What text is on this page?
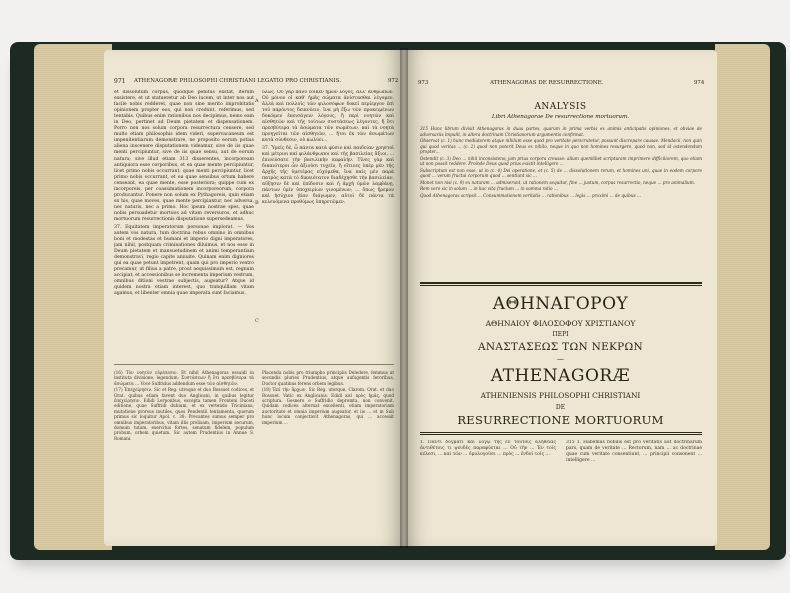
971 ATHENAGORÆ PHILOSOPHI CHRISTIANI LEGATIO PRO CHRISTIANIS.	972

et dissolutum corpus, quodque penitus exstat, iterum exsistere, et ut statueretur ab Deo lucem, ut inter nos aut facile nobis redderet, quae non sine merito improbitatis opinionem propter eos, qui non credunt, referimus, sed tentabis. Quibus enim rationibus nos decipimus, nemo eam in Deo, pertinet ad Deum pietatem et dispensationem. Porro non nos solum corpora resurrectura censere, sed multo etiam philosophis idem videri, supervacaneum est impenitentiarum demonstrare, ne proposito eorum potius aliena inscenere disputationem videamur, sive de iis quae menti percipiuntur, sive de iis quae sensu, aut de eorum natura; sive illud etiam 313 disserentes, incorpoream antiquiora esse corporibus, et ea quae mente percipiuntur, licet primo nobis occurrant, quae menti percipiuntur, licet primo nobis occurrant, et ea quae sensibus ortum habere censeant, ea quae mente, esse posteriora; quippe cum ex incorporeis, per coassimationem incorporeorum, corpora producantur. Ponere non solum ex Pythagoreis, quin etiam ex his, quae moves, quae mente percipiantur, nec adversa, nec naturis, nec a primo. Hoc ipsum nostrae spes, quae nobis persuadetur mortuos ad vitam reversuros, et adhuc mortuorum resurrectionis disputatione supersedeamus.

37. Equitatem imperatorum personae implorat. — Vos autem vos natura, tum doctrina rebus omnino in omnibus boni et modestas et humani et imperio digni imperatores, jam nihil, postquam criminationes diluimus, et nos esse in Deum pietatem et mansuetudinem et animi temperantiam demonstravi, regio capite annuite. Quinam enim digniores qui ea quae petunt impetrent, quam qui pro imperio vestro precamur, ut filius a patre, prout aequissimum est, regnum accipiat, et accessionibus se incrementa imperium vestrum, omnibus ditioni vestrae subjectis, augeatur? Atque id quidem nostra etiam interest, quo tranquillam vitam agamus, et libenter omnia quae imperata sunt faciamus.

ὅλως. Οὐ γὰρ πάνυ ἔοικεν ἡμῶν λόγος, ἀλλ' ἀνθρώπων. Οὐ μόνον οἱ καθ' ἡμᾶς σώματα ἀνίστασθαι λέγομεν, ἀλλὰ καὶ πολλοῖς τῶν φιλοσόφων δοκεῖ περίεργον ἐπὶ τοῦ παρόντος δεικνύειν, ἵνα μὴ ἔξω τῶν προκειμένων δοκῶμεν ἐπεισάγειν λόγους, ἢ περὶ νοητῶν καὶ αἰσθητῶν καὶ τῆς τούτων συστάσεως λέγοντες, ἢ ὅτι πρεσβύτερα τὰ ἀσώματα τῶν σωμάτων, καὶ τὰ νοητὰ προηγεῖται τῶν αἰσθητῶν, ... ἤτοι ἐκ τῶν ἀσωμάτων κατὰ σύνθεσιν, οὐ κωλύει...

37. Ὑμεῖς δέ, ὦ πάντα κατὰ φύσιν καὶ παιδείαν χρηστοὶ καὶ μέτριοι καὶ φιλάνθρωποι καὶ τῆς βασιλείας ἄξιοι, ... ἐπινεύσατε τὴν βασιλικὴν κεφαλήν. Τίνες γὰρ καὶ δικαιότεροι ὧν ἀξιοῦσι τυχεῖν, ἢ οἵτινες ὑπὲρ μὲν τῆς ἀρχῆς τῆς ὑμετέρας εὐχόμεθα, ἵνα παῖς μὲν παρὰ πατρὸς κατὰ τὸ δικαιότατον διαδέχησθε τὴν βασιλείαν, αὔξησιν δὲ καὶ ἐπίδοσιν καὶ ἡ ἀρχὴ ὑμῶν λαμβάνῃ, πάντων ὑμῖν ὑποχειρίων γινομένων; ... ὅπως ἤρεμον καὶ ἡσύχιον βίον διάγωμεν, αὐτοὶ δὲ πάντα τὰ κελευόμενα προθύμως ὑπηρετῶμεν.

A
B
C

(16) Τὸν νοητὸν εὐρέσεσιν. Et nihil Athenagoras essuidi in instituta divisione, legendum: Συστάσεων ἢ ὅτι πρεσβύτερα τὰ ἀσώματα ... Voce Sulfridus addendum esse τῶν αἰσθητῶν.

(17) Ἐπεχείρησιν. Sic et Reg. utroque et duo Bossuet codices, et Orat. quibus etiam favent duo Anglicani, in quibus legitur ἐπεχείρησιν. Edidi Lerponbus, excepta tamen Fronteni Duceti editione, quae Suffridi dubium, et ex vertendo Triciniana, mutatione prorsus inutiles, quos Pendentii tentamenta, quorum primus sic loquitur Apol. c. 30: Precantes sumus semper pro omnibus imperatoribus, vitam illis prolixam, imperium securum, domum tutam, exercitus fortes, senatum fidelem, populum probum, orbem quietum. Sic autem Prudentius in Annue S. Romani.

Placenda nobis pro triumpho principiis Deledere, femmus ut secundis pluries Prudentius, atque aufugentis feroribus, Ductor quatinus ferens orbem legibus.

(18) Ἐπὶ τὴν ἄρχων. Sic Reg. uterque, Clarom. Orat. et duo Bossuet. Vatic ex Anglicanis. Edidi καὶ πρὸς ἡμᾶς, quod scriptura. Gesnero e Suffridio depromta, non convenit. Quidam codices alternat excellenti, etiam imperatoriam auctoritate et omnia imperium augeatur, et iis ... et in Sub hunc locum conjectavit Athenagoras, qui ... accessit imperium ...

973	ATHENAGORAS DE RESURRECTIONE.	974
ANALYSIS
Libri Athenagorae De resurrectione mortuorum.

315 Hunc librum divisit Athenagoras in duas partes, quarum in prima verbis ex animis anticipatis opiniones, et obviae de adversariis impulit, in altera doctrinam Christianorum argumentis confirmat.

Observat (c. 1) hunc mediatorem atque nihilum esse quod pro veritate perscrutetur, possunt discrepare causae. Mendacii, non quin qui quod veritas ... (c. 2) quod non poterit Deus ex nihilo, neque in quo non homines resurgere, quod non, sed id ostendendum propter...

Ostendit (c. 3) Deo ... nihil inconsistens; jam prius corpora creasse: alium quemlibet scripturam imprimere difficiliorem, quo etiam ut non possit reddere. Proinde Deus quod prius existit intelligere ...

Subscriptum est non esse, ut in (c. 4) Dei operatione, et (c. 5) de ... dissolutionem rerum, et homines uni, quae in eodem corpore quod ... verum fructui corporum quod ... sentiunt sic ...

Monet non nisi (c. 9) ex naturam ... admiserunt, ut rationem sequitur, fine ... justum, corpus resurrectio, neque ... pro animalium.

Rem vero sic in solum ... in hac vita fructum ... in summa ratio ...

Quod Athenagoras scripsit ... Consummationem veritatis ... rationibus ... legis ... proximi ... de quibus ...

ΑΘΗΝΑΓΟΡΟΥ
ΑΘΗΝΑΙΟΥ ΦΙΛΟΣΟΦΟΥ ΧΡΙΣΤΙΑΝΟΥ
ΠΕΡΙ
ΑΝΑΣΤΑΣΕΩΣ ΤΩΝ ΝΕΚΡΩΝ
—
ATHENAGORÆ
ATHENIENSIS PHILOSOPHI CHRISTIANI
DE
RESURRECTIONE MORTUORUM
1. Παντὶ δόγματι καὶ λόγῳ τῆς ἐν τούτοις ἀληθείας ἀντιθέτοις τι ψευδὲς παραφύεται ... Οὐ τὴν ... Ἐν τοῖς κέλεσι, ... καὶ τῶν ... ὁμολογοῦσι ... πρὸς ... ἐνδοῖ τοῖς ...
315 1. Habemus nobilis est pro veritatis aut doctrinarum pars, quam de veritate ... Rectorum, nam ... ac doctrinae quae cum veritate consentiunt, ... principii consonent ... intelligere ...
